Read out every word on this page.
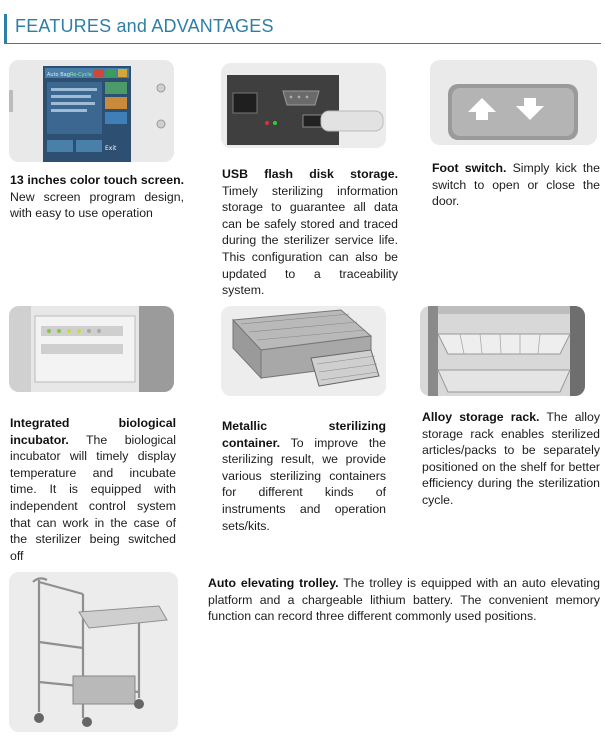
FEATURES and ADVANTAGES
Auto Bag Re-Cycle
Exit
13 inches color touch screen. New screen program design, with easy to use operation
USB flash disk storage. Timely sterilizing information storage to guarantee all data can be safely stored and traced during the sterilizer service life. This configuration can also be updated to a traceability system.
Foot switch. Simply kick the switch to open or close the door.
Integrated biological incubator. The biological incubator will timely display temperature and incubate time. It is equipped with independent control system that can work in the case of the sterilizer being switched off
Metallic sterilizing container. To improve the sterilizing result, we provide various sterilizing containers for different kinds of instruments and operation sets/kits.
Alloy storage rack. The alloy storage rack enables sterilized articles/packs to be separately positioned on the shelf for better efficiency during the sterilization cycle.
Auto elevating trolley. The trolley is equipped with an auto elevating platform and a chargeable lithium battery. The convenient memory function can record three different commonly used positions.
